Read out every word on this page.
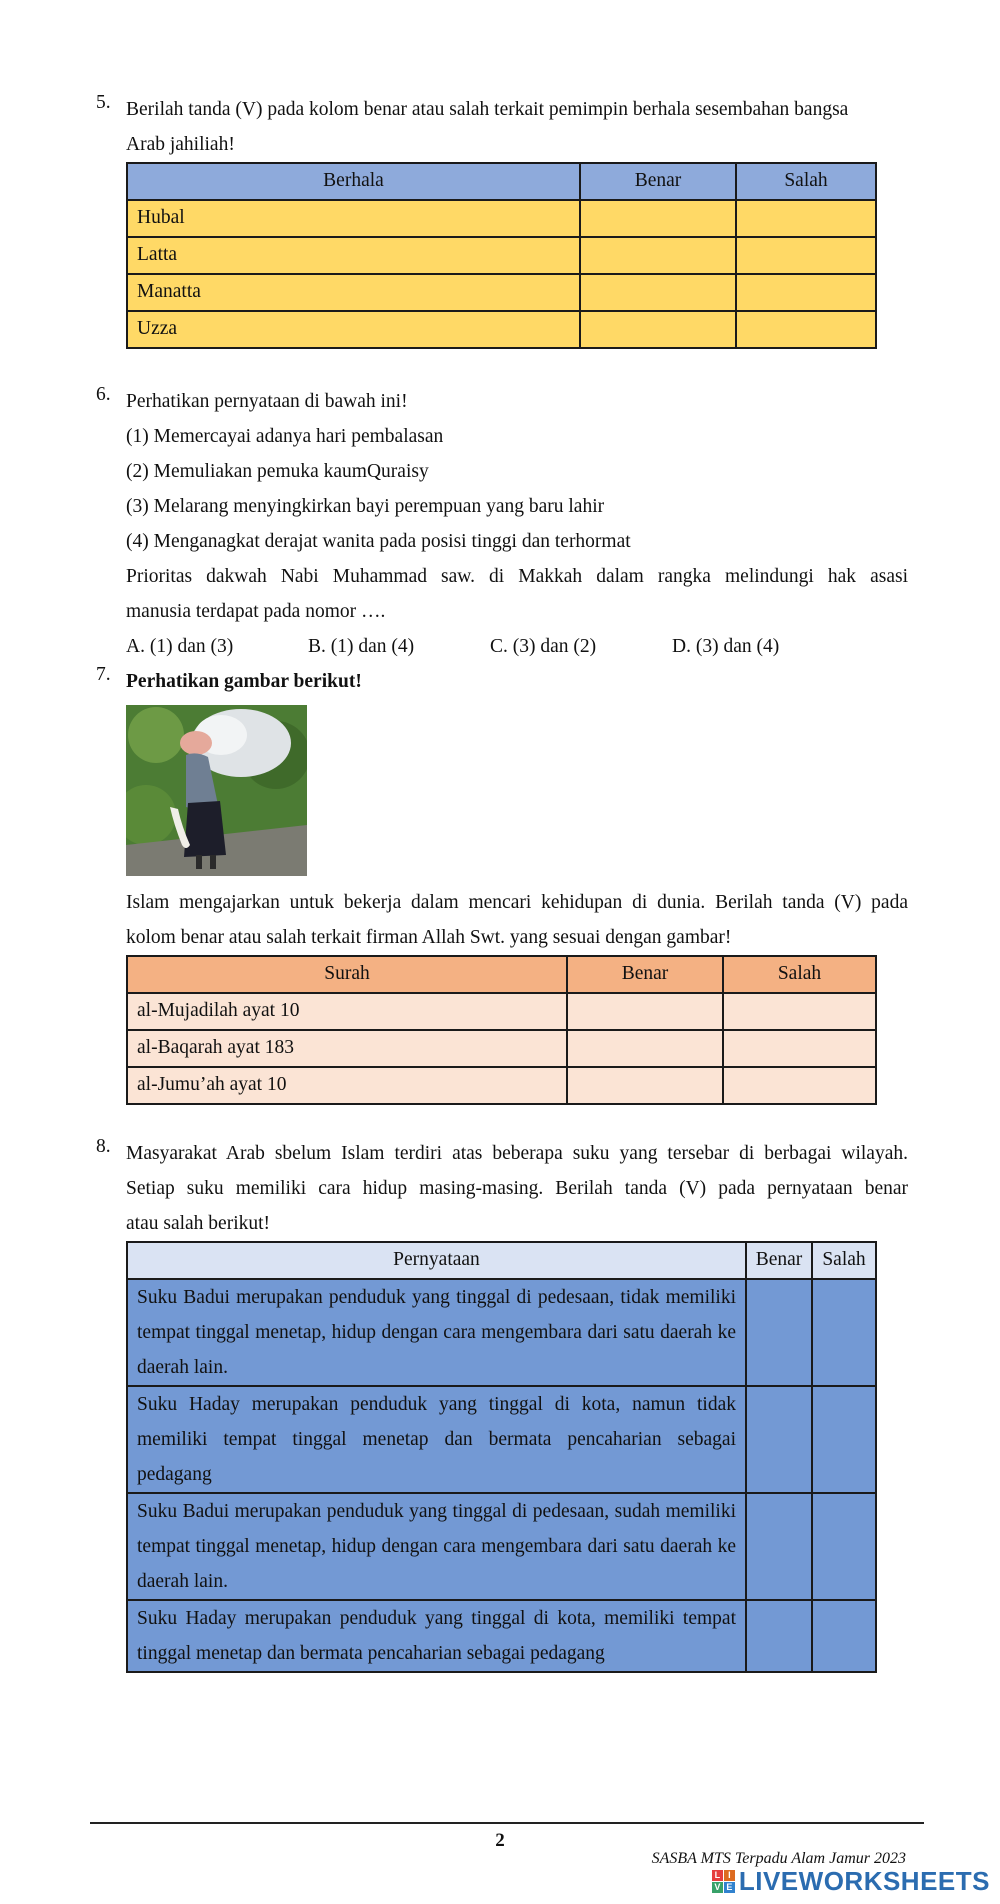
5. Berilah tanda (V) pada kolom benar atau salah terkait pemimpin berhala sesembahan bangsa

Arab jahiliah!

Berhala	Benar	Salah
Hubal		
Latta		
Manatta		
Uzza		
6. Perhatikan pernyataan di bawah ini!

(1) Memercayai adanya hari pembalasan

(2) Memuliakan pemuka kaumQuraisy

(3) Melarang menyingkirkan bayi perempuan yang baru lahir

(4) Menganagkat derajat wanita pada posisi tinggi dan terhormat

Prioritas dakwah Nabi Muhammad saw. di Makkah dalam rangka melindungi hak asasi

manusia terdapat pada nomor ….

A. (1) dan (3)	B. (1) dan (4)	C. (3) dan (2)	D. (3) dan (4)
7. Perhatikan gambar berikut!

Islam mengajarkan untuk bekerja dalam mencari kehidupan di dunia. Berilah tanda (V) pada

kolom benar atau salah terkait firman Allah Swt. yang sesuai dengan gambar!

Surah	Benar	Salah
al-Mujadilah ayat 10		
al-Baqarah ayat 183		
al-Jumu’ah ayat 10		
8. Masyarakat Arab sbelum Islam terdiri atas beberapa suku yang tersebar di berbagai wilayah.

Setiap suku memiliki cara hidup masing-masing. Berilah tanda (V) pada pernyataan benar

atau salah berikut!

Pernyataan	Benar	Salah
Suku Badui merupakan penduduk yang tinggal di pedesaan, tidak memiliki tempat tinggal menetap, hidup dengan cara mengembara dari satu daerah ke daerah lain.		
Suku Haday merupakan penduduk yang tinggal di kota, namun tidak memiliki tempat tinggal menetap dan bermata pencaharian sebagai pedagang		
Suku Badui merupakan penduduk yang tinggal di pedesaan, sudah memiliki tempat tinggal menetap, hidup dengan cara mengembara dari satu daerah ke daerah lain.		
Suku Haday merupakan penduduk yang tinggal di kota, memiliki tempat tinggal menetap dan bermata pencaharian sebagai pedagang		
2
SASBA MTS Terpadu Alam Jamur 2023
L I
V E LIVEWORKSHEETS
